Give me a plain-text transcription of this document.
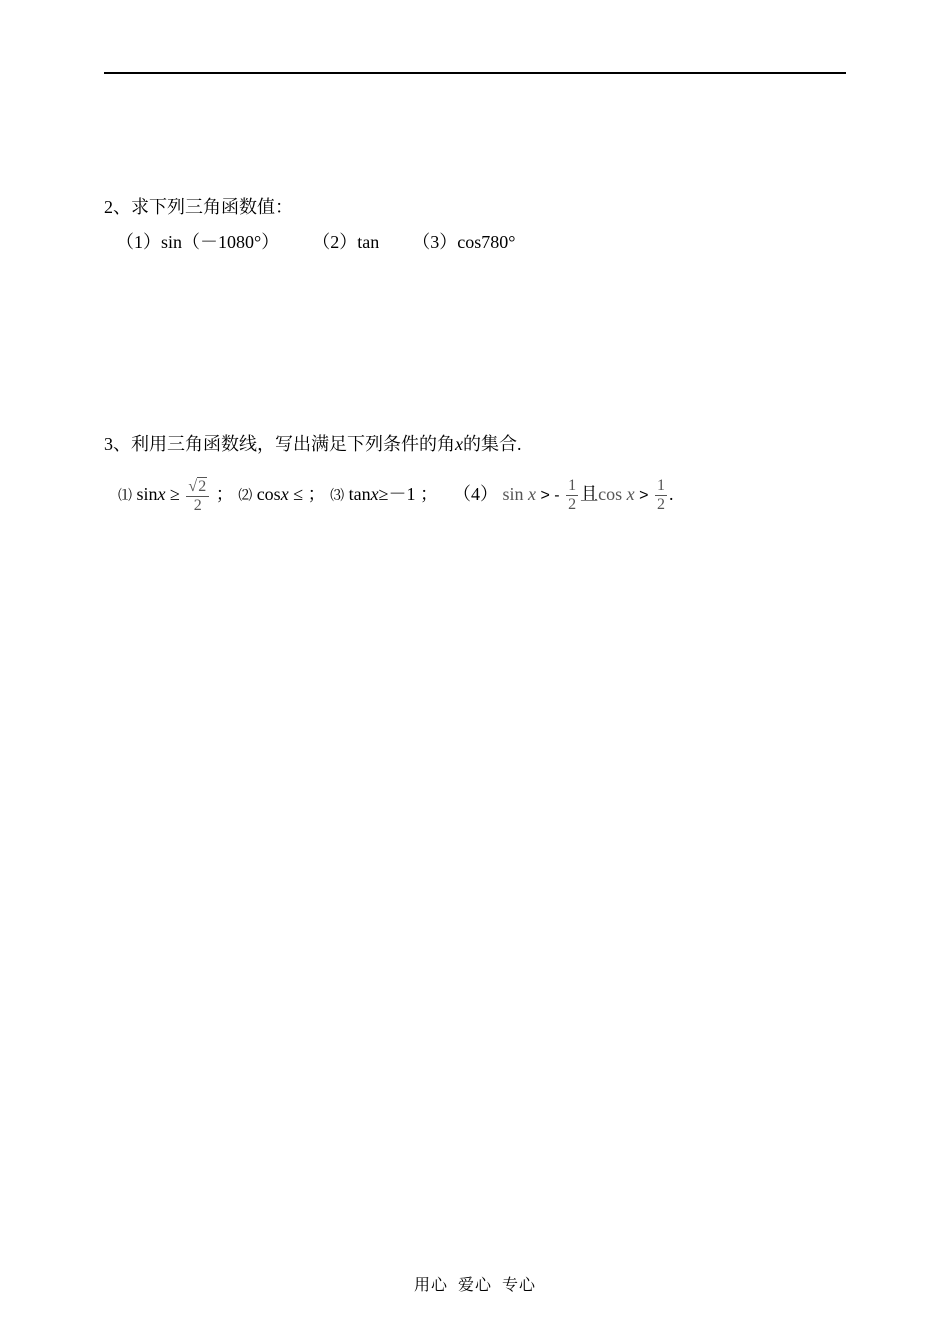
2、求下列三角函数值：
（1）sin（－1080°） （2）tan （3）cos780°
3、利用三角函数线，写出满足下列条件的角x的集合.
⑴ $\sin x \ge \frac{√2}{2}$ ； ⑵ cosx ≤ ； ⑶ tanx≥－1 ； （4） sin x > - $\frac{1}{2}$ 且$\cos x > \frac{1}{2}$ .
用心  爱心  专心
